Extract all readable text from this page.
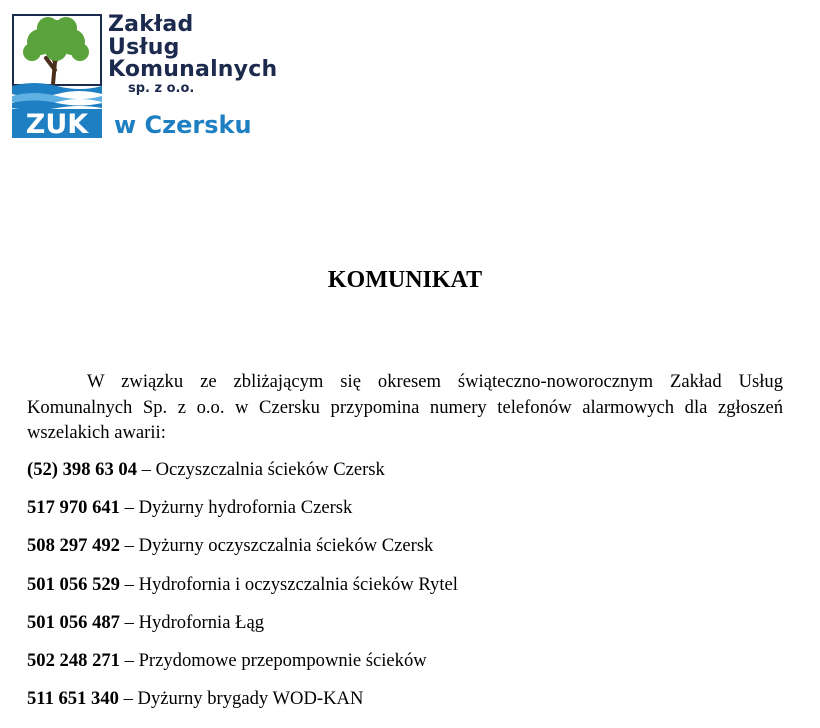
ZUK
Zakład
Usług
Komunalnych
sp. z o.o.
w Czersku
KOMUNIKAT

W związku ze zbliżającym się okresem świąteczno-noworocznym Zakład Usług Komunalnych Sp. z o.o. w Czersku przypomina numery telefonów alarmowych dla zgłoszeń wszelakich awarii:

(52) 398 63 04 – Oczyszczalnia ścieków Czersk
517 970 641 – Dyżurny hydrofornia Czersk
508 297 492 – Dyżurny oczyszczalnia ścieków Czersk
501 056 529 – Hydrofornia i oczyszczalnia ścieków Rytel
501 056 487 – Hydrofornia Łąg
502 248 271 – Przydomowe przepompownie ścieków
511 651 340 – Dyżurny brygady WOD-KAN
